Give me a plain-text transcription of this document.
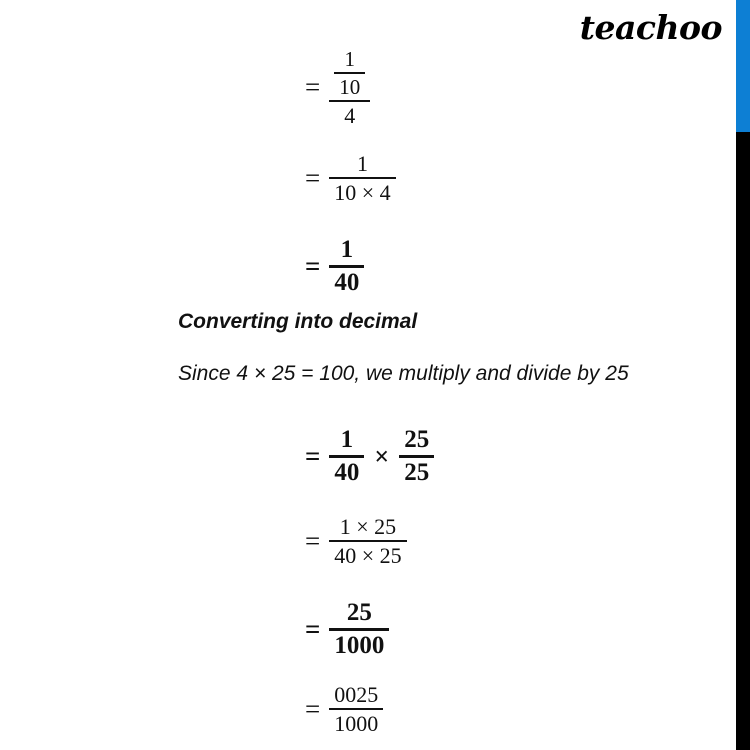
teachoo
= $\frac{\frac{1}{10}}{4}$
= $\frac{1}{10 \times 4}$
= $\frac{1}{40}$
Converting into decimal
Since 4 × 25 = 100, we multiply and divide by 25
= $\frac{1}{40} \times \frac{25}{25}$
= $\frac{1 \times 25}{40 \times 25}$
= $\frac{25}{1000}$
= $\frac{0025}{1000}$
